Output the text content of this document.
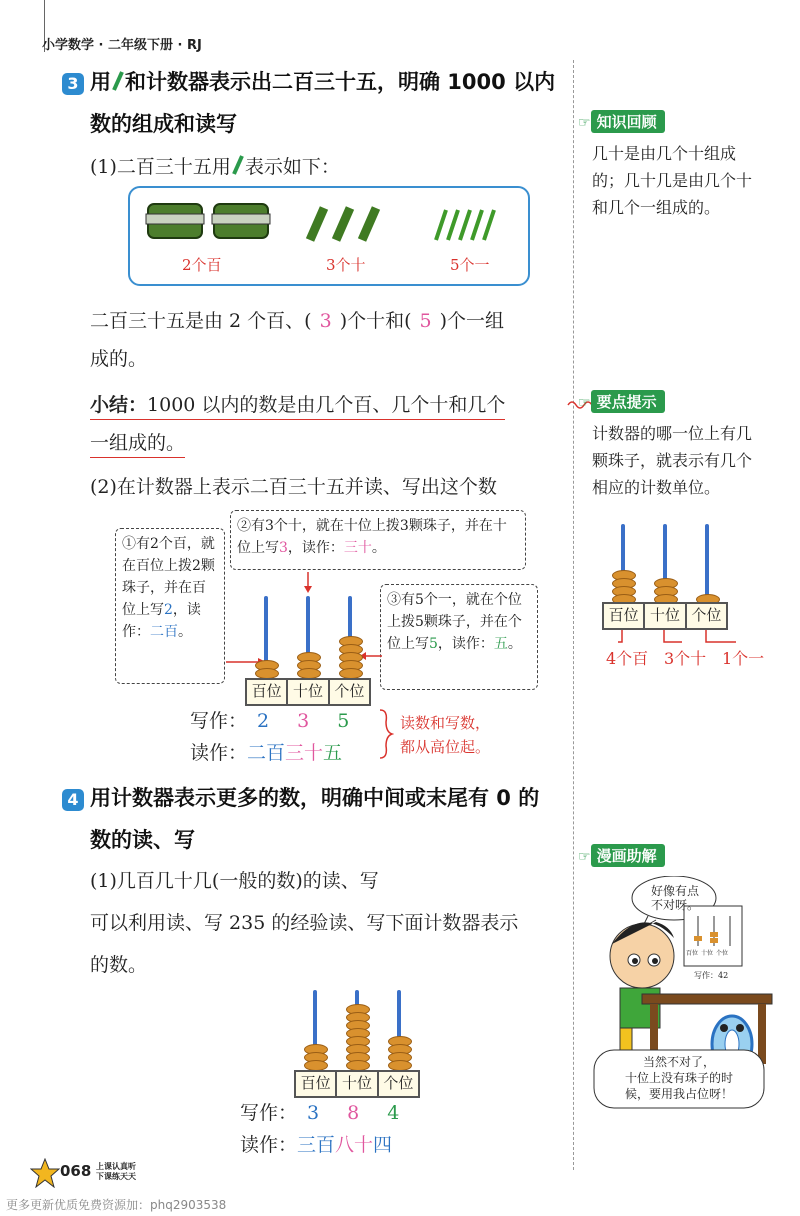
小学数学 · 二年级下册 · RJ
3 用 和计数器表示出二百三十五，明确 1000 以内
数的组成和读写
(1)二百三十五用 表示如下：
2个百	3个十	5个一
二百三十五是由 2 个百、( 3 )个十和( 5 )个一组
成的。
小结：1000 以内的数是由几个百、几个十和几个
一组成的。
(2)在计数器上表示二百三十五并读、写出这个数
①有2个百，就在百位上拨2颗珠子，并在百位上写2，读作：二百。
②有3个十，就在十位上拨3颗珠子，并在十位上写3，读作：三十。
③有5个一，就在个位上拨5颗珠子，并在个位上写5，读作：五。
百位 十位 个位
写作： 2 3 5
读作：二百三十五
读数和写数，
都从高位起。
4 用计数器表示更多的数，明确中间或末尾有 0 的
数的读、写
(1)几百几十几(一般的数)的读、写
可以利用读、写 235 的经验读、写下面计数器表示
的数。
百位 十位 个位
写作： 3 8 4
读作：三百八十四
☞ 知识回顾
几十是由几个十组成
的；几十几是由几个十
和几个一组成的。
☞ 要点提示
计数器的哪一位上有几
颗珠子，就表示有几个
相应的计数单位。
百位 十位 个位
4个百 3个十 1个一
☞ 漫画助解
好像有点
不对呀。
百位 十位 个位
写作：42
当然不对了，
十位上没有珠子的时
候，要用我占位呀！
068 上课认真听
下课练天天
更多更新优质免费资源加：phq2903538
